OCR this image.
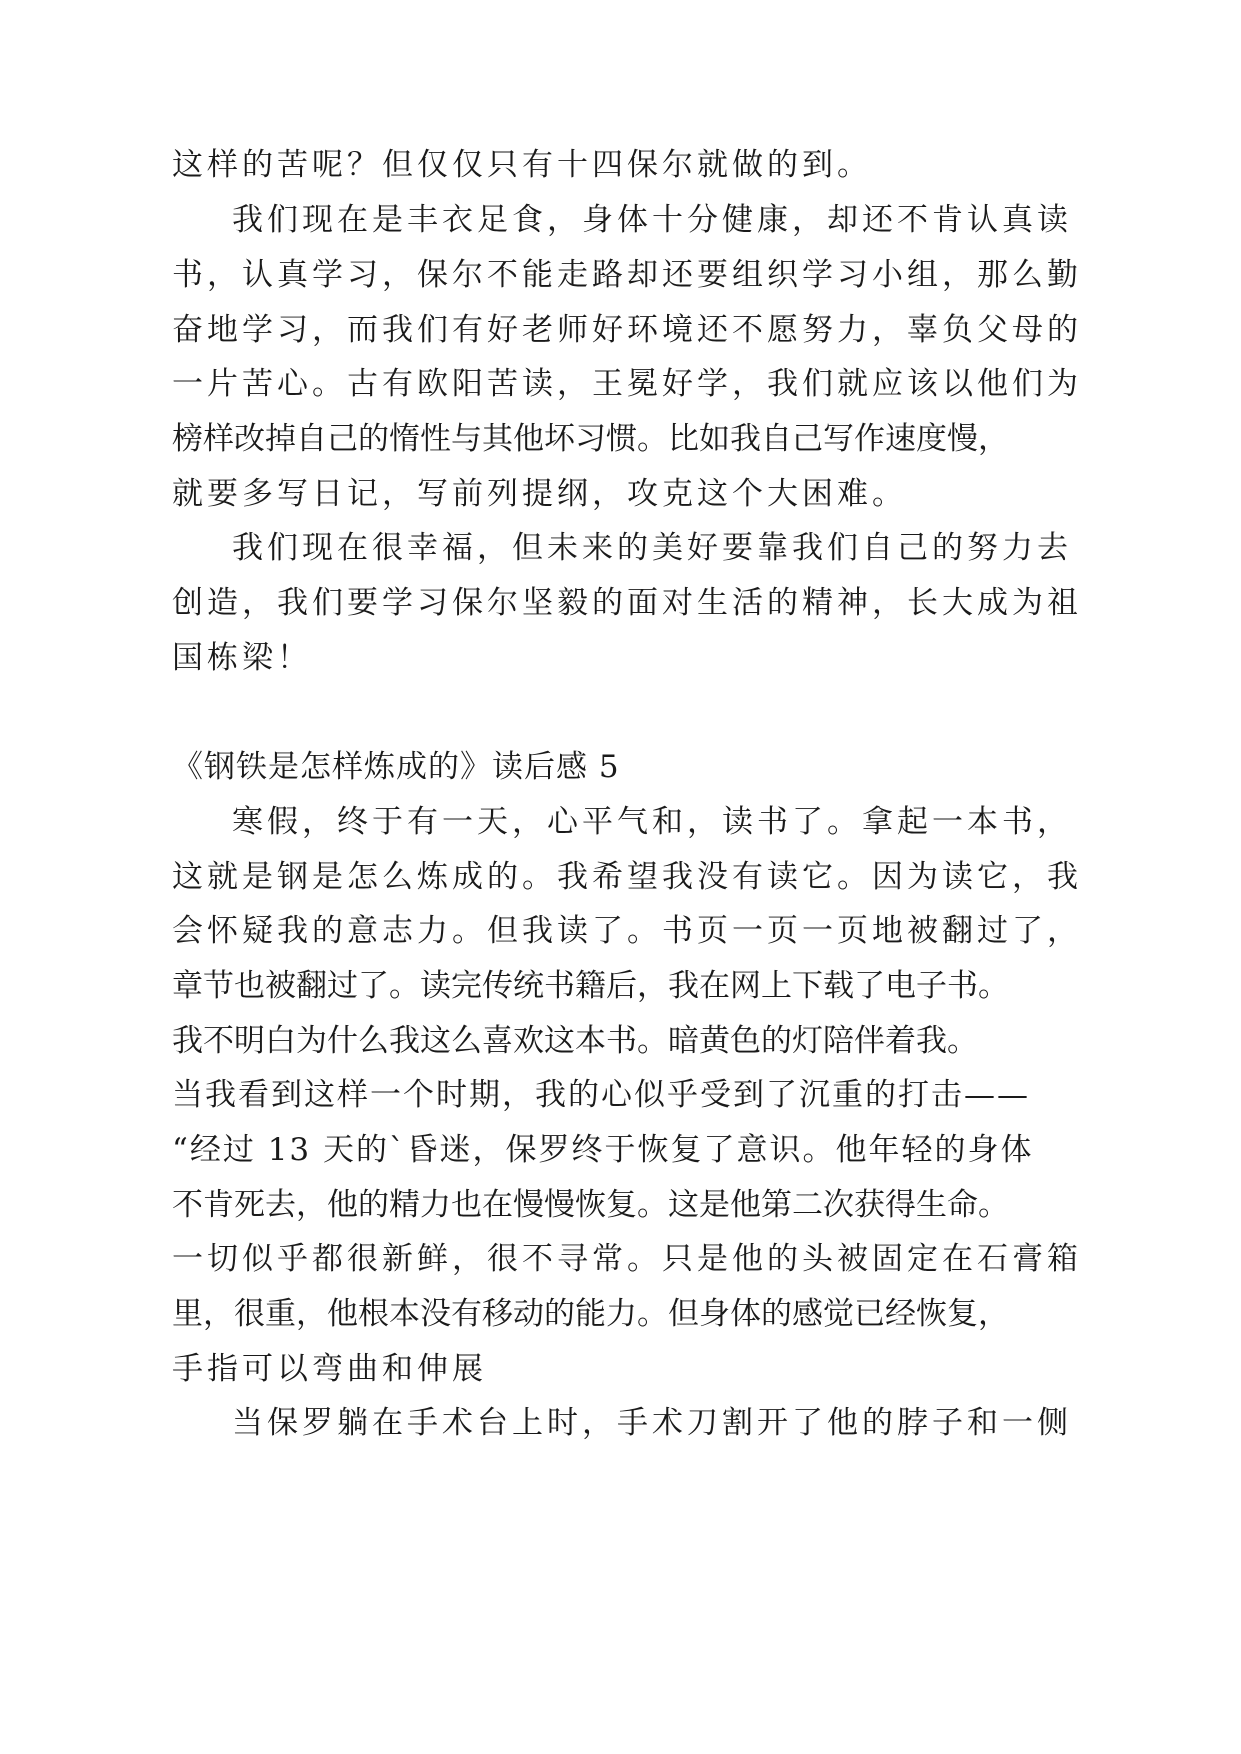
这样的苦呢？但仅仅只有十四保尔就做的到。

我们现在是丰衣足食，身体十分健康，却还不肯认真读

书，认真学习，保尔不能走路却还要组织学习小组，那么勤

奋地学习，而我们有好老师好环境还不愿努力，辜负父母的

一片苦心。古有欧阳苦读，王冕好学，我们就应该以他们为

榜样改掉自己的惰性与其他坏习惯。比如我自己写作速度慢，

就要多写日记，写前列提纲，攻克这个大困难。

我们现在很幸福，但未来的美好要靠我们自己的努力去

创造，我们要学习保尔坚毅的面对生活的精神，长大成为祖

国栋梁！

《钢铁是怎样炼成的》读后感 5

寒假，终于有一天，心平气和，读书了。拿起一本书，

这就是钢是怎么炼成的。我希望我没有读它。因为读它，我

会怀疑我的意志力。但我读了。书页一页一页地被翻过了，

章节也被翻过了。读完传统书籍后，我在网上下载了电子书。

我不明白为什么我这么喜欢这本书。暗黄色的灯陪伴着我。

当我看到这样一个时期，我的心似乎受到了沉重的打击——

“经过 13 天的`昏迷，保罗终于恢复了意识。他年轻的身体

不肯死去，他的精力也在慢慢恢复。这是他第二次获得生命。

一切似乎都很新鲜，很不寻常。只是他的头被固定在石膏箱

里，很重，他根本没有移动的能力。但身体的感觉已经恢复，

手指可以弯曲和伸展

当保罗躺在手术台上时，手术刀割开了他的脖子和一侧
